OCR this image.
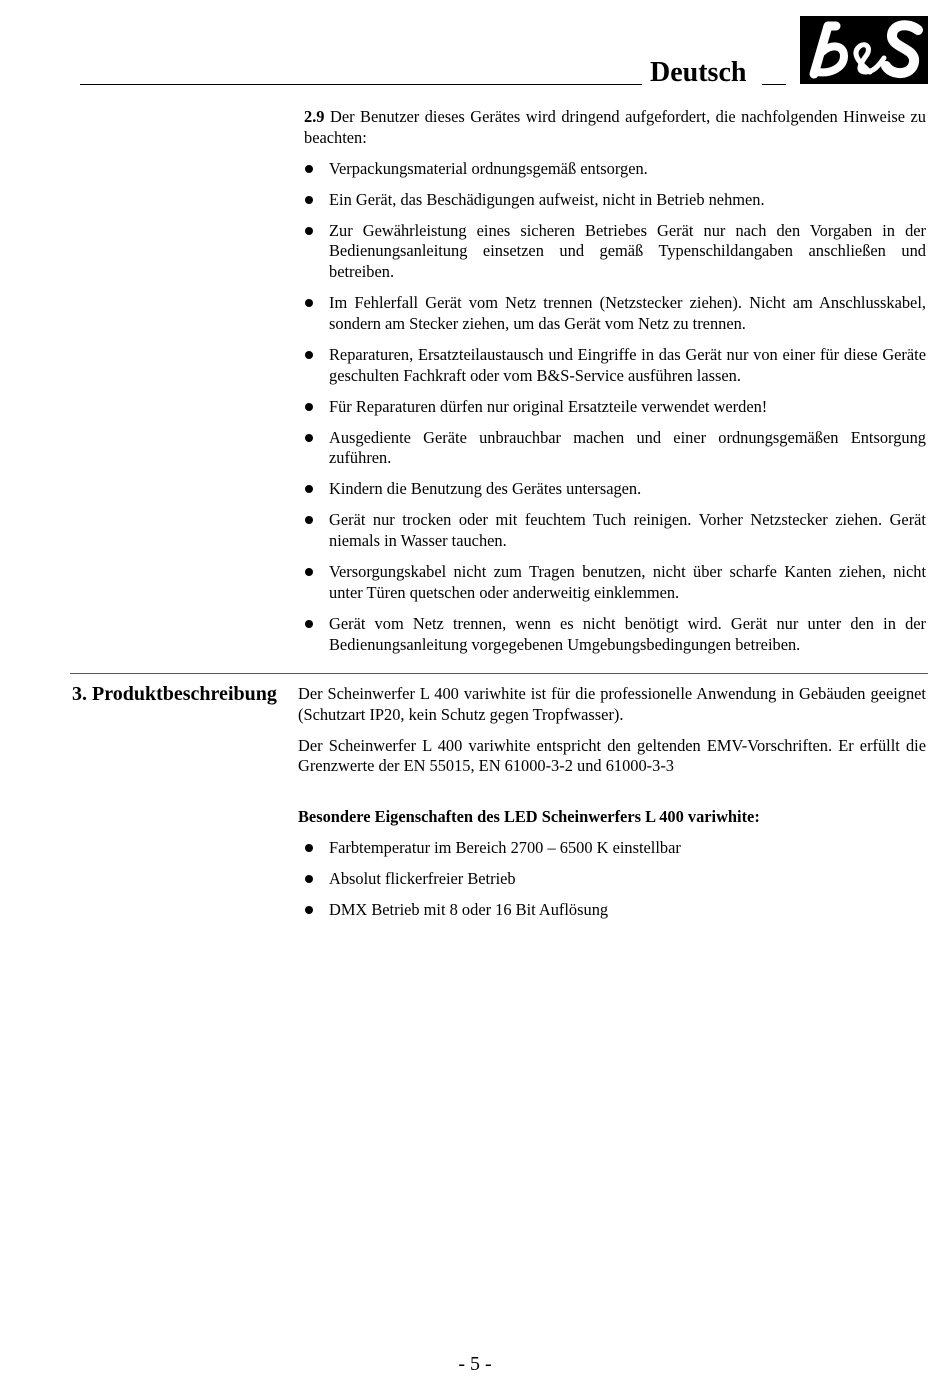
Deutsch

2.9 Der Benutzer dieses Gerätes wird dringend aufgefordert, die nachfolgenden Hinweise zu beachten:

Verpackungsmaterial ordnungsgemäß entsorgen.
Ein Gerät, das Beschädigungen aufweist, nicht in Betrieb nehmen.
Zur Gewährleistung eines sicheren Betriebes Gerät nur nach den Vorgaben in der Bedienungsanleitung einsetzen und gemäß Typenschildangaben anschließen und betreiben.
Im Fehlerfall Gerät vom Netz trennen (Netzstecker ziehen). Nicht am Anschlusskabel, sondern am Stecker ziehen, um das Gerät vom Netz zu trennen.
Reparaturen, Ersatzteilaustausch und Eingriffe in das Gerät nur von einer für diese Geräte geschulten Fachkraft oder vom B&S-Service ausführen lassen.
Für Reparaturen dürfen nur original Ersatzteile verwendet werden!
Ausgediente Geräte unbrauchbar machen und einer ordnungsgemäßen Entsorgung zuführen.
Kindern die Benutzung des Gerätes untersagen.
Gerät nur trocken oder mit feuchtem Tuch reinigen. Vorher Netzstecker ziehen. Gerät niemals in Wasser tauchen.
Versorgungskabel nicht zum Tragen benutzen, nicht über scharfe Kanten ziehen, nicht unter Türen quetschen oder anderweitig einklemmen.
Gerät vom Netz trennen, wenn es nicht benötigt wird. Gerät nur unter den in der Bedienungsanleitung vorgegebenen Umgebungsbedingungen betreiben.
3. Produktbeschreibung Der Scheinwerfer L 400 variwhite ist für die professionelle Anwendung in Gebäuden geeignet (Schutzart IP20, kein Schutz gegen Tropfwasser).

Der Scheinwerfer L 400 variwhite entspricht den geltenden EMV-Vorschriften. Er erfüllt die Grenzwerte der EN 55015, EN 61000-3-2 und 61000-3-3

Besondere Eigenschaften des LED Scheinwerfers L 400 variwhite:

Farbtemperatur im Bereich 2700 – 6500 K einstellbar
Absolut flickerfreier Betrieb
DMX Betrieb mit 8 oder 16 Bit Auflösung
- 5 -
